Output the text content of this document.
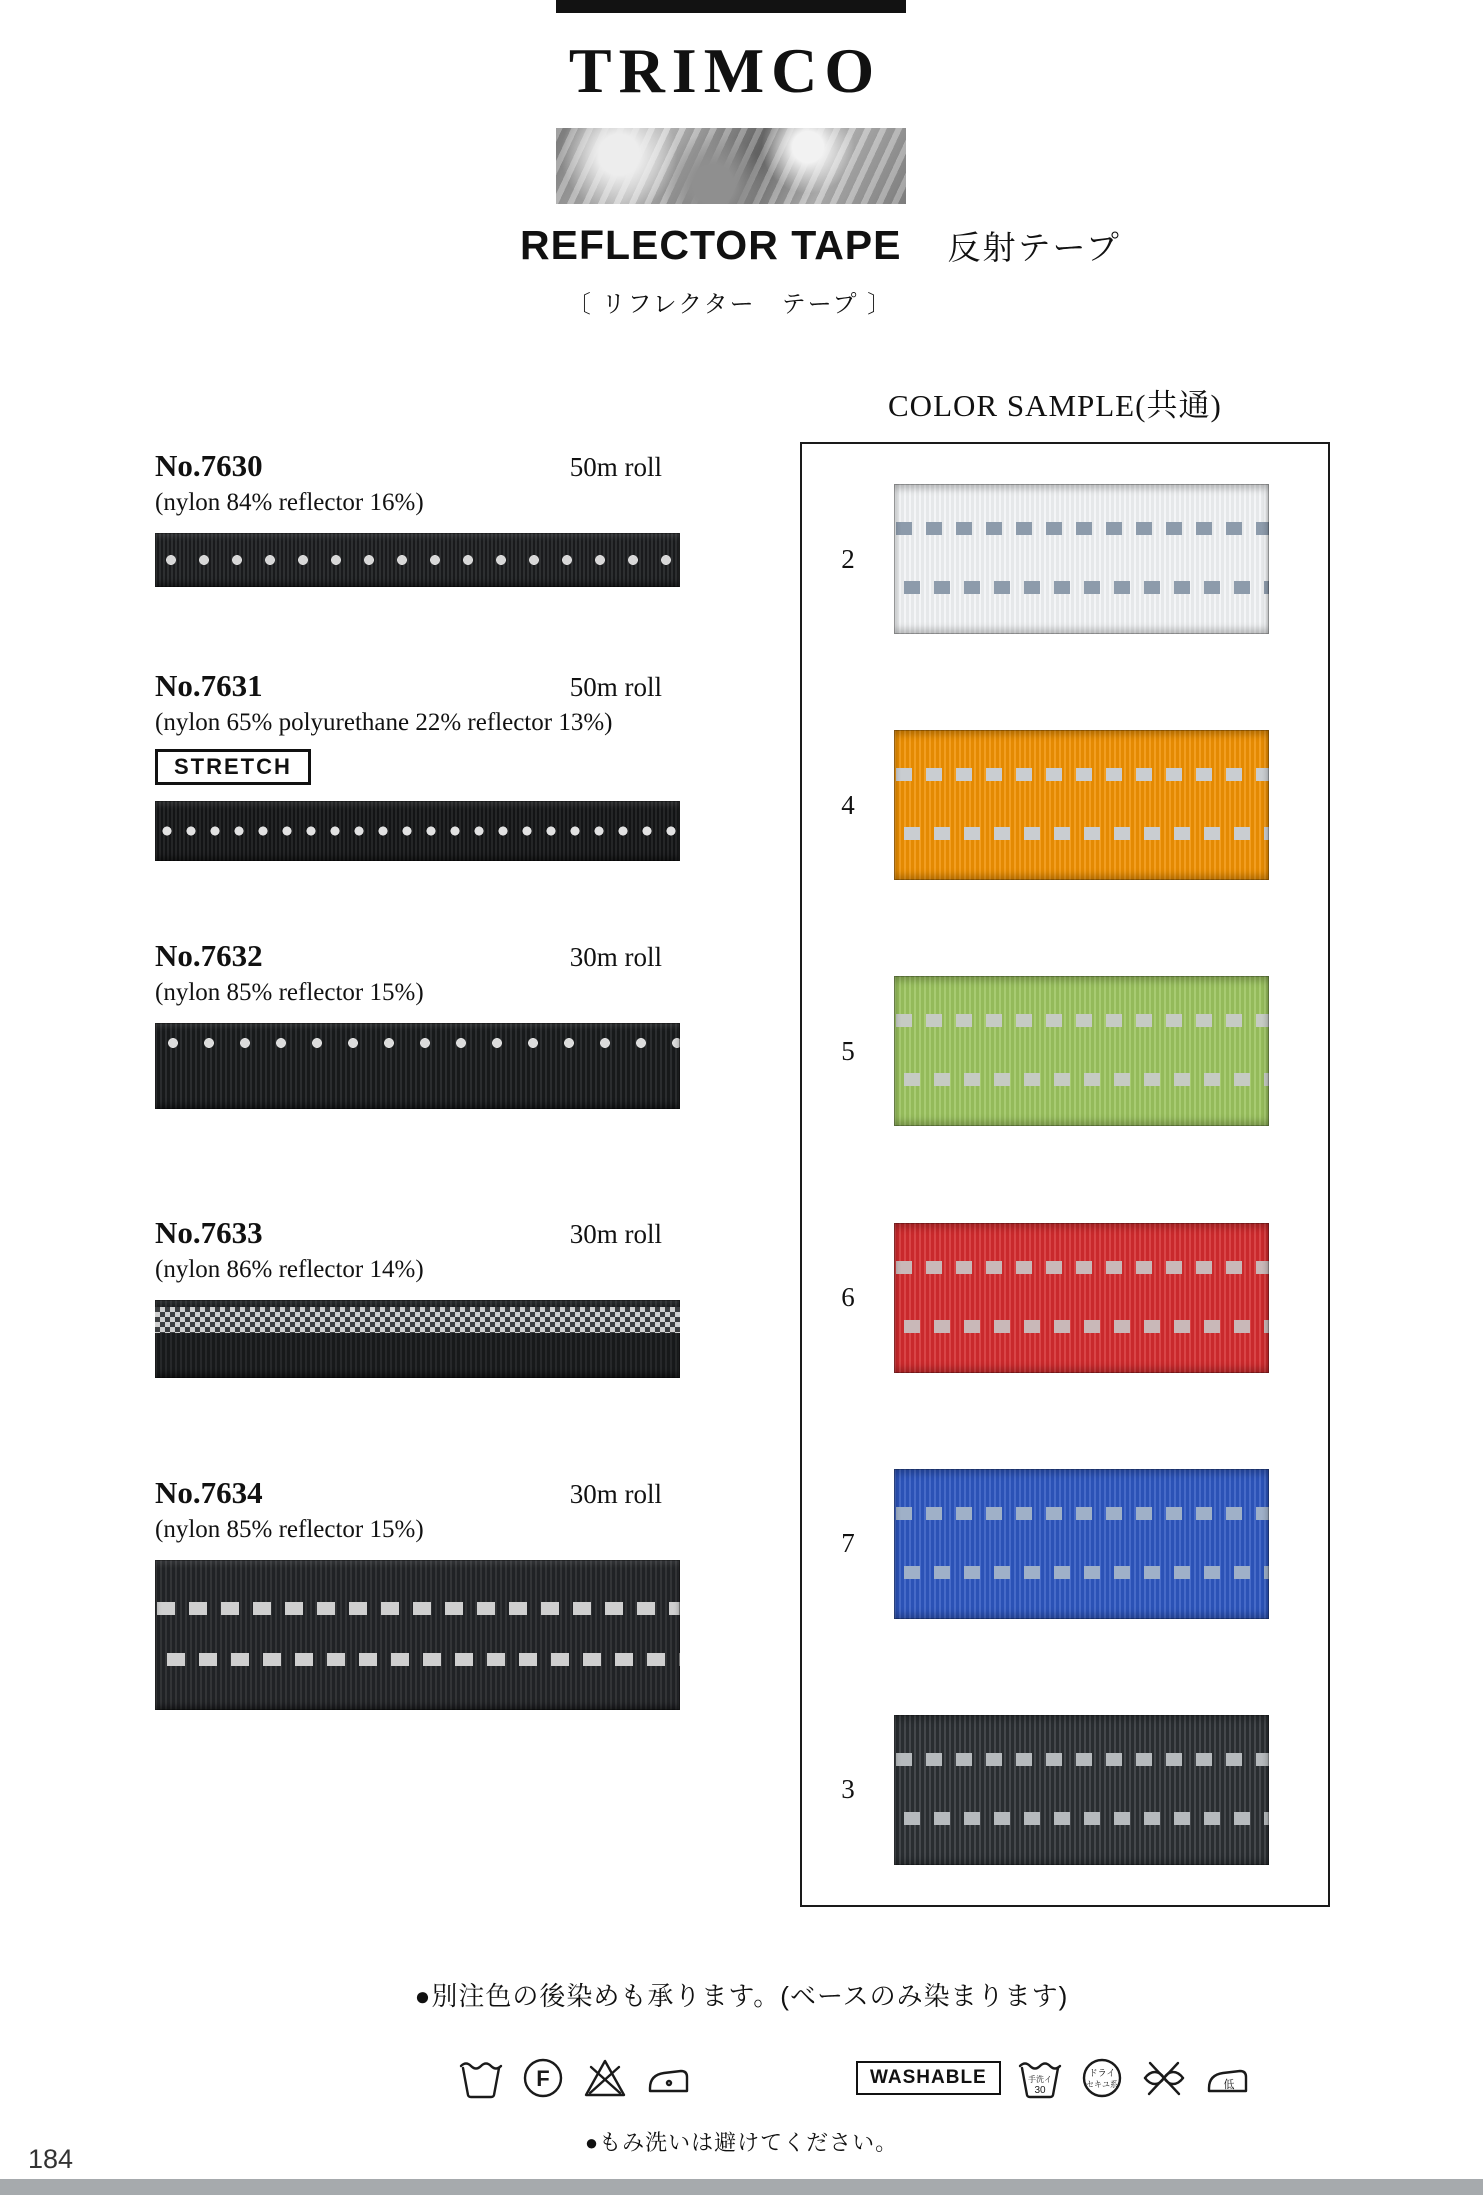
TRIMCO
REFLECTOR TAPE 反射テープ
〔 リフレクター　テープ 〕
No.7630	50m roll
(nylon 84% reflector 16%)
No.7631	50m roll
(nylon 65% polyurethane 22% reflector 13%)
STRETCH
No.7632	30m roll
(nylon 85% reflector 15%)
No.7633	30m roll
(nylon 86% reflector 14%)
No.7634	30m roll
(nylon 85% reflector 15%)
COLOR SAMPLE(共通)
2
4
5
6
7
3
●別注色の後染めも承ります。(ベースのみ染まります)
F	WASHABLE	手洗イ
30
ドライ
セキユ系	低
●もみ洗いは避けてください。
184
